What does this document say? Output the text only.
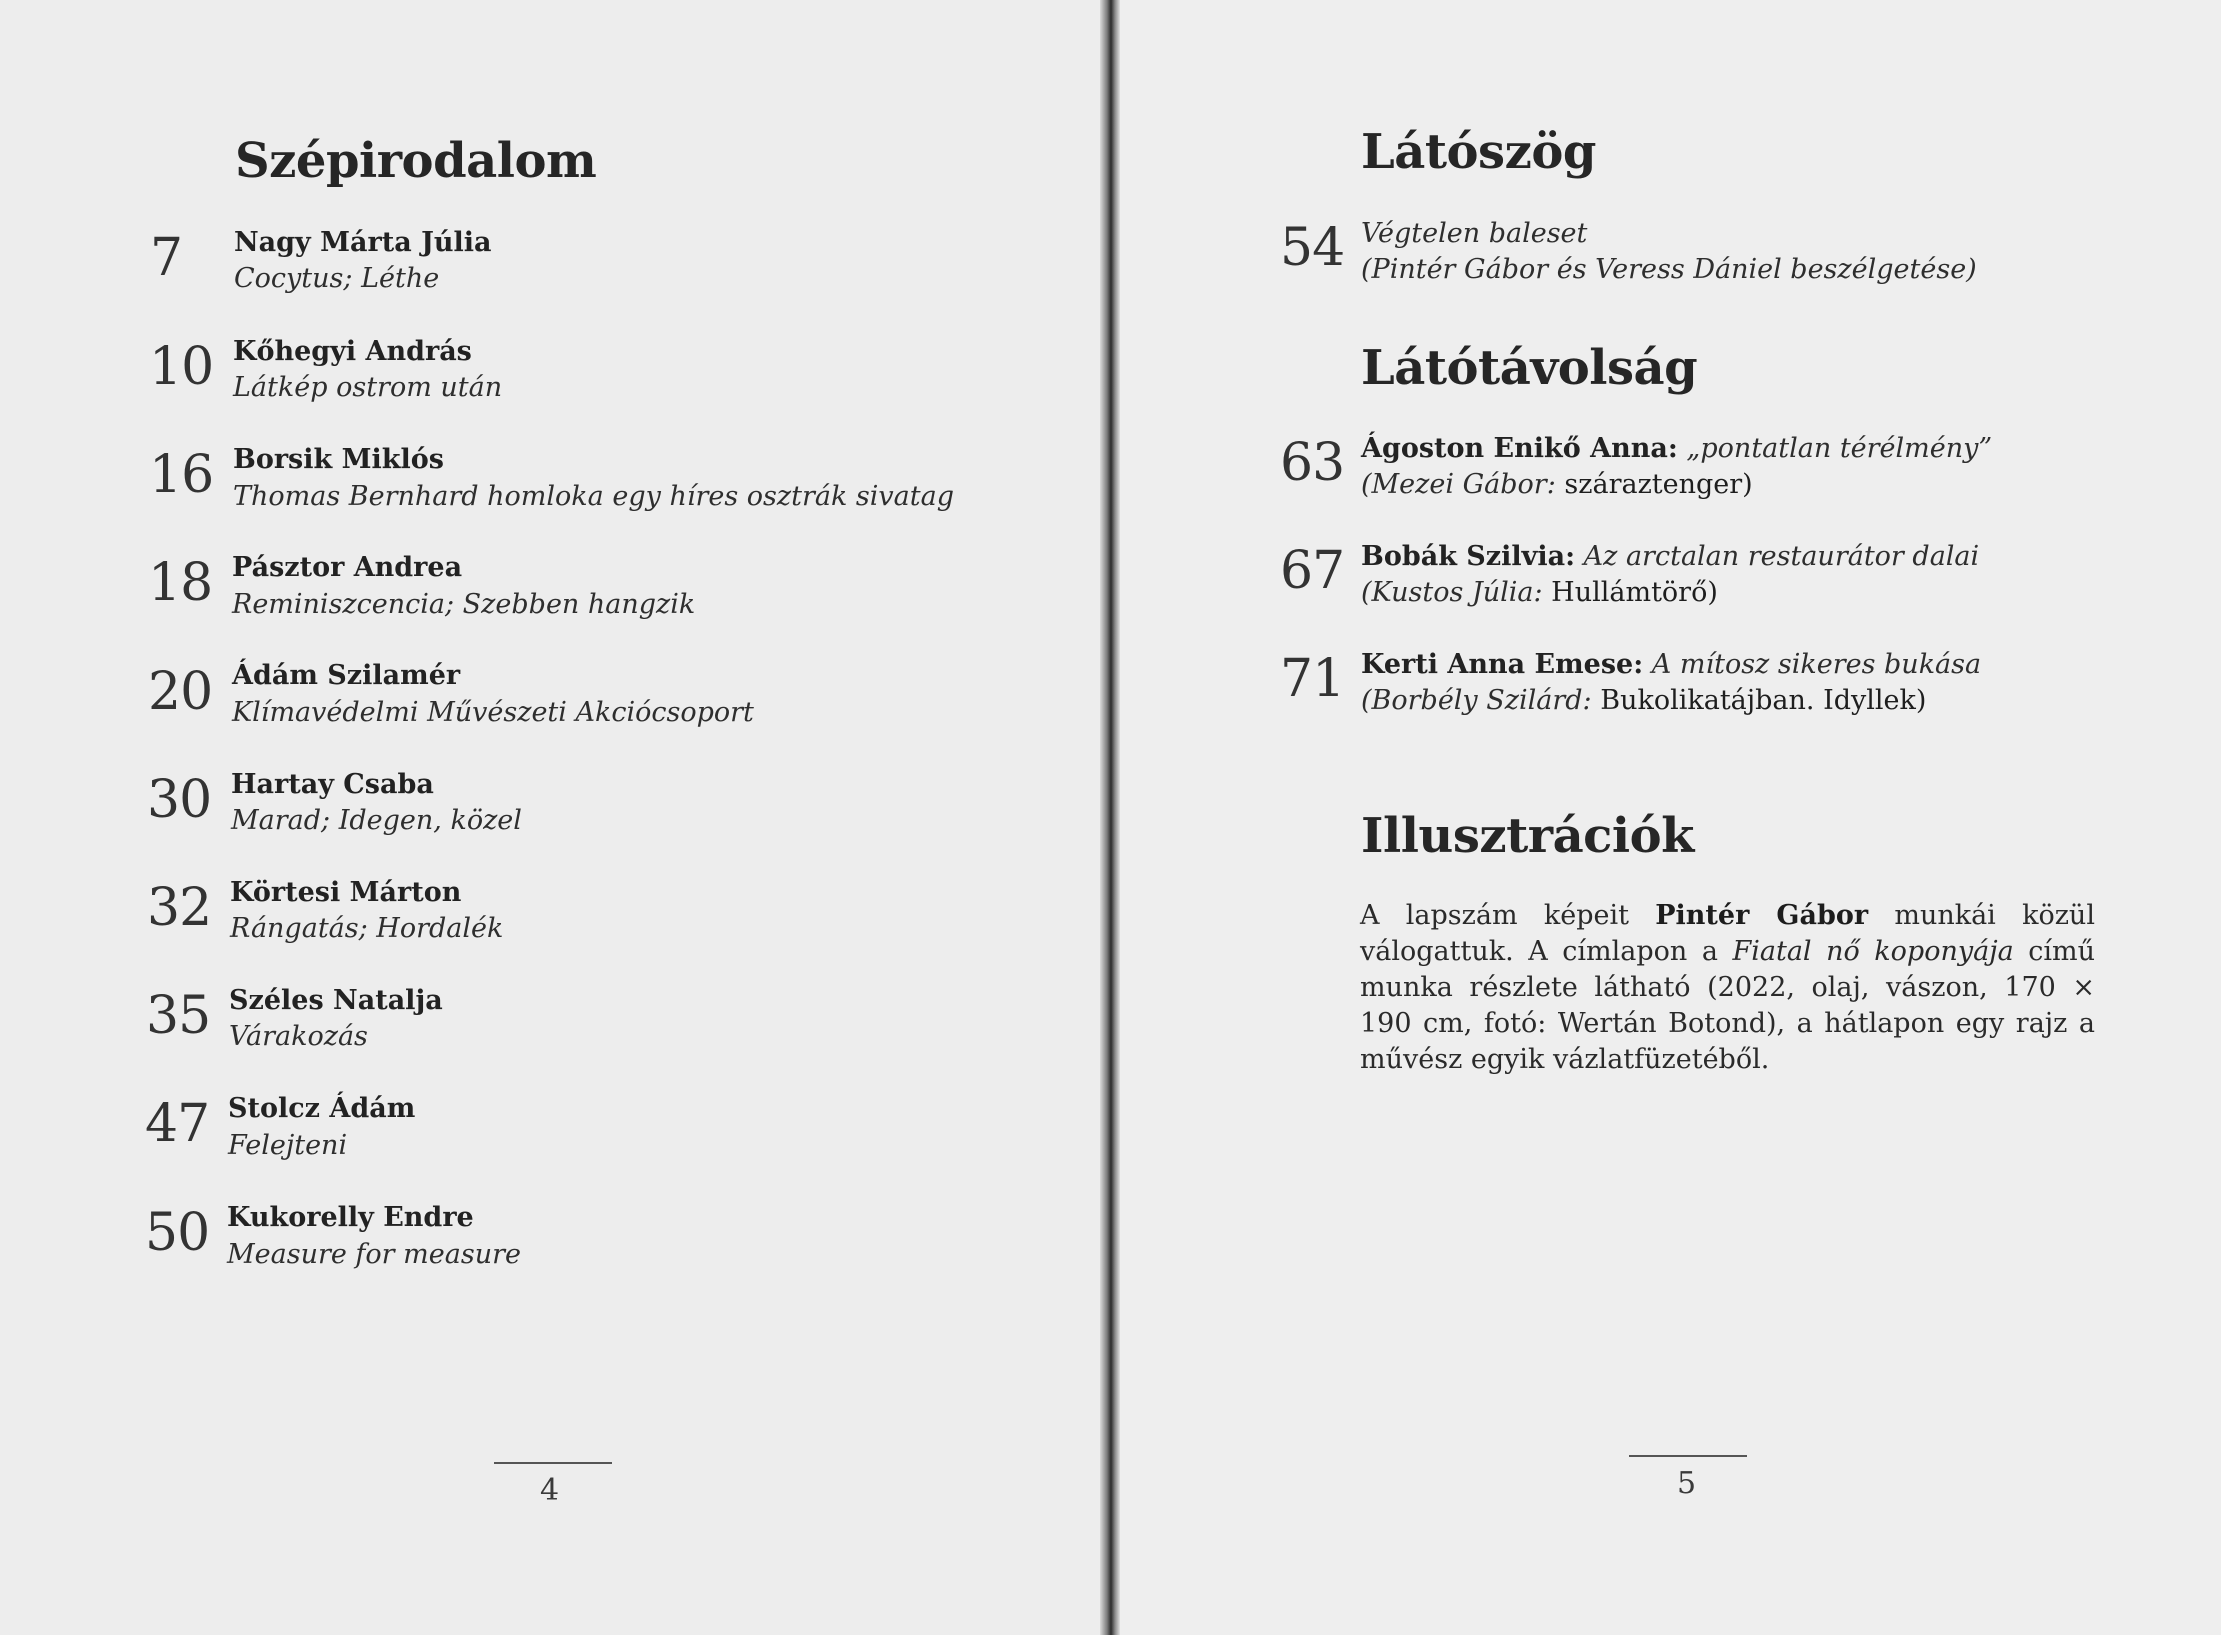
Szépirodalom
7 Nagy Márta Júlia
Cocytus; Léthe
10 Kőhegyi András
Látkép ostrom után
16 Borsik Miklós
Thomas Bernhard homloka egy híres osztrák sivatag
18 Pásztor Andrea
Reminiszcencia; Szebben hangzik
20 Ádám Szilamér
Klímavédelmi Művészeti Akciócsoport
30 Hartay Csaba
Marad; Idegen, közel
32 Körtesi Márton
Rángatás; Hordalék
35 Széles Natalja
Várakozás
47 Stolcz Ádám
Felejteni
50 Kukorelly Endre
Measure for measure
4
Látószög
54 Végtelen baleset
(Pintér Gábor és Veress Dániel beszélgetése)
Látótávolság
63 Ágoston Enikő Anna: „pontatlan térélmény”
(Mezei Gábor: száraztenger)
67 Bobák Szilvia: Az arctalan restaurátor dalai
(Kustos Júlia: Hullámtörő)
71 Kerti Anna Emese: A mítosz sikeres bukása
(Borbély Szilárd: Bukolikatájban. Idyllek)
Illusztrációk

A lapszám képeit Pintér Gábor munkái közül válogattuk. A címlapon a Fiatal nő koponyája című munka részlete látható (2022, olaj, vászon, 170 × 190 cm, fotó: Wertán Botond), a hátlapon egy rajz a művész egyik vázlatfüzetéből.

5
